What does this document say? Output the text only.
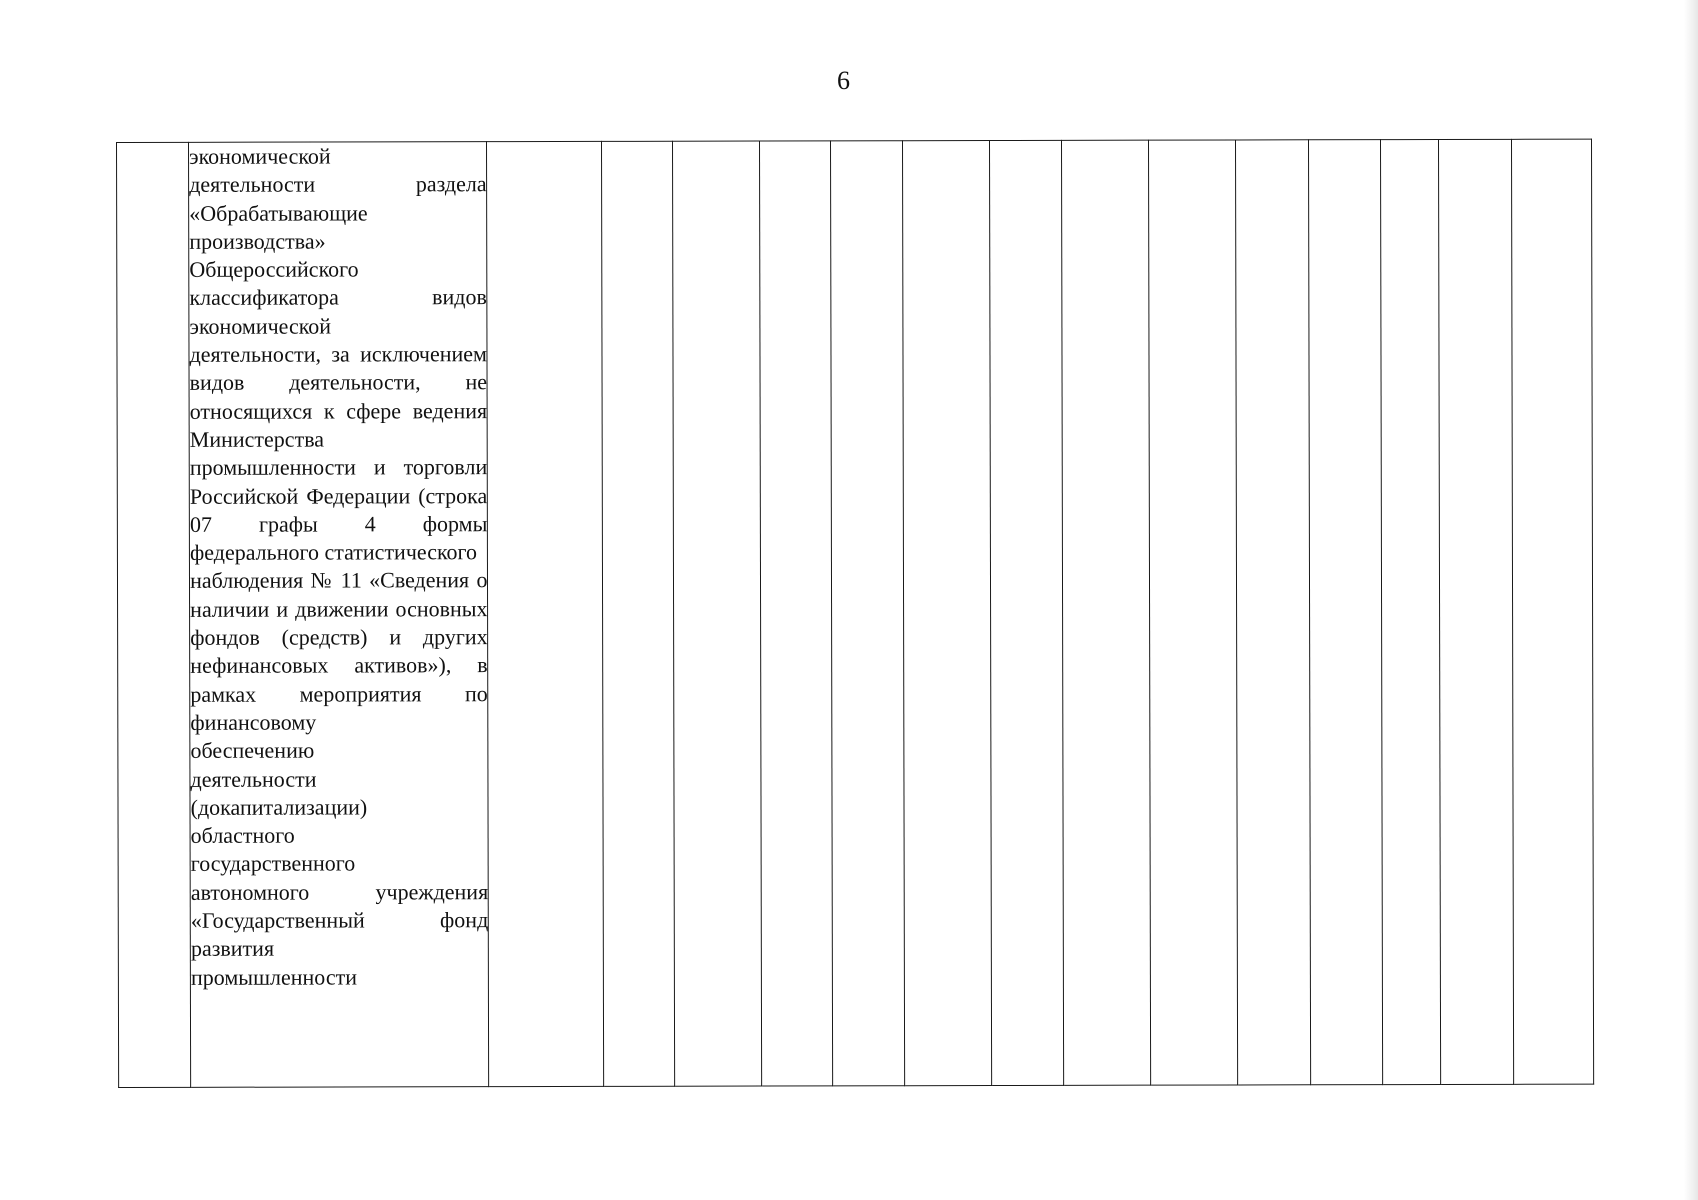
6

экономической
деятельности раздела «Обрабатывающие производства»
Общероссийского классификатора видов экономической
деятельности, за исключением видов деятельности, не относящихся к сфере ведения Министерства промышленности и торговли Российской Федерации (строка 07 графы 4 формы федерального статистического
наблюдения № 11 «Сведения о наличии и движении основных фондов (средств) и других нефинансовых активов»), в рамках мероприятия по финансовому
обеспечению
деятельности
(докапитализации)
областного
государственного
автономного учреждения «Государственный фонд развития
промышленности
